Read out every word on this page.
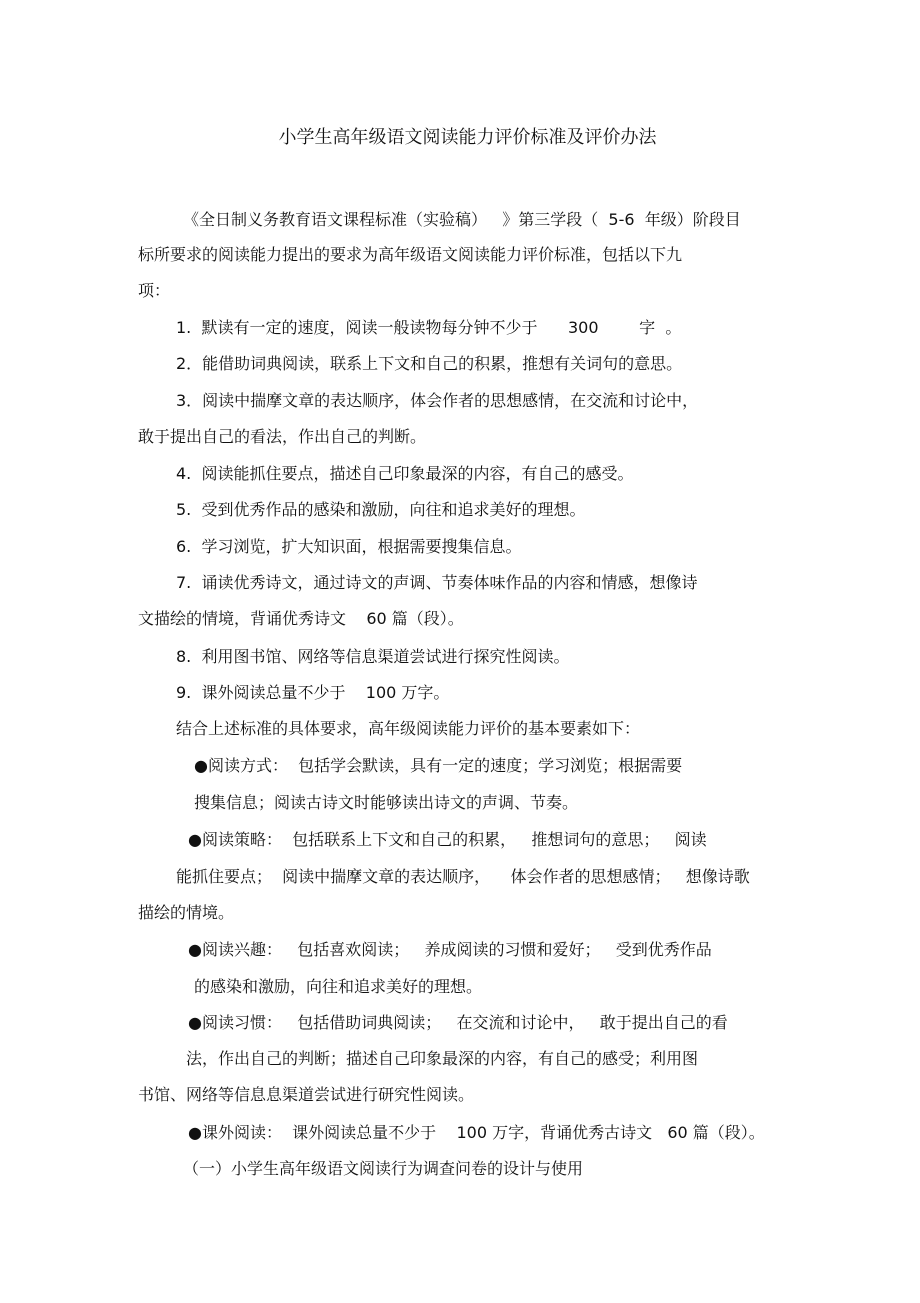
小学生高年级语文阅读能力评价标准及评价办法
《全日制义务教育语文课程标准（实验稿）   》第三学段（  5-6  年级）阶段目
标所要求的阅读能力提出的要求为高年级语文阅读能力评价标准，包括以下九
项：
1.  默读有一定的速度，阅读一般读物每分钟不少于      300        字  。
2．能借助词典阅读，联系上下文和自己的积累，推想有关词句的意思。
3．阅读中揣摩文章的表达顺序，体会作者的思想感情，在交流和讨论中，
敢于提出自己的看法，作出自己的判断。
4.  阅读能抓住要点，描述自己印象最深的内容，有自己的感受。
5.  受到优秀作品的感染和激励，向往和追求美好的理想。
6.  学习浏览，扩大知识面，根据需要搜集信息。
7.  诵读优秀诗文，通过诗文的声调、节奏体味作品的内容和情感，想像诗
文描绘的情境，背诵优秀诗文    60 篇（段）。
8.  利用图书馆、网络等信息渠道尝试进行探究性阅读。
9.  课外阅读总量不少于    100 万字。
结合上述标准的具体要求，高年级阅读能力评价的基本要素如下：
●阅读方式：  包括学会默读，具有一定的速度；学习浏览；根据需要
搜集信息；阅读古诗文时能够读出诗文的声调、节奏。
●阅读策略：  包括联系上下文和自己的积累，   推想词句的意思；   阅读
能抓住要点；  阅读中揣摩文章的表达顺序，    体会作者的思想感情；   想像诗歌
描绘的情境。
●阅读兴趣：   包括喜欢阅读；   养成阅读的习惯和爱好；   受到优秀作品
的感染和激励，向往和追求美好的理想。
●阅读习惯：   包括借助词典阅读；   在交流和讨论中，   敢于提出自己的看
法，作出自己的判断；描述自己印象最深的内容，有自己的感受；利用图
书馆、网络等信息息渠道尝试进行研究性阅读。
●课外阅读：  课外阅读总量不少于    100 万字，背诵优秀古诗文   60 篇（段）。
（一）小学生高年级语文阅读行为调查问卷的设计与使用
